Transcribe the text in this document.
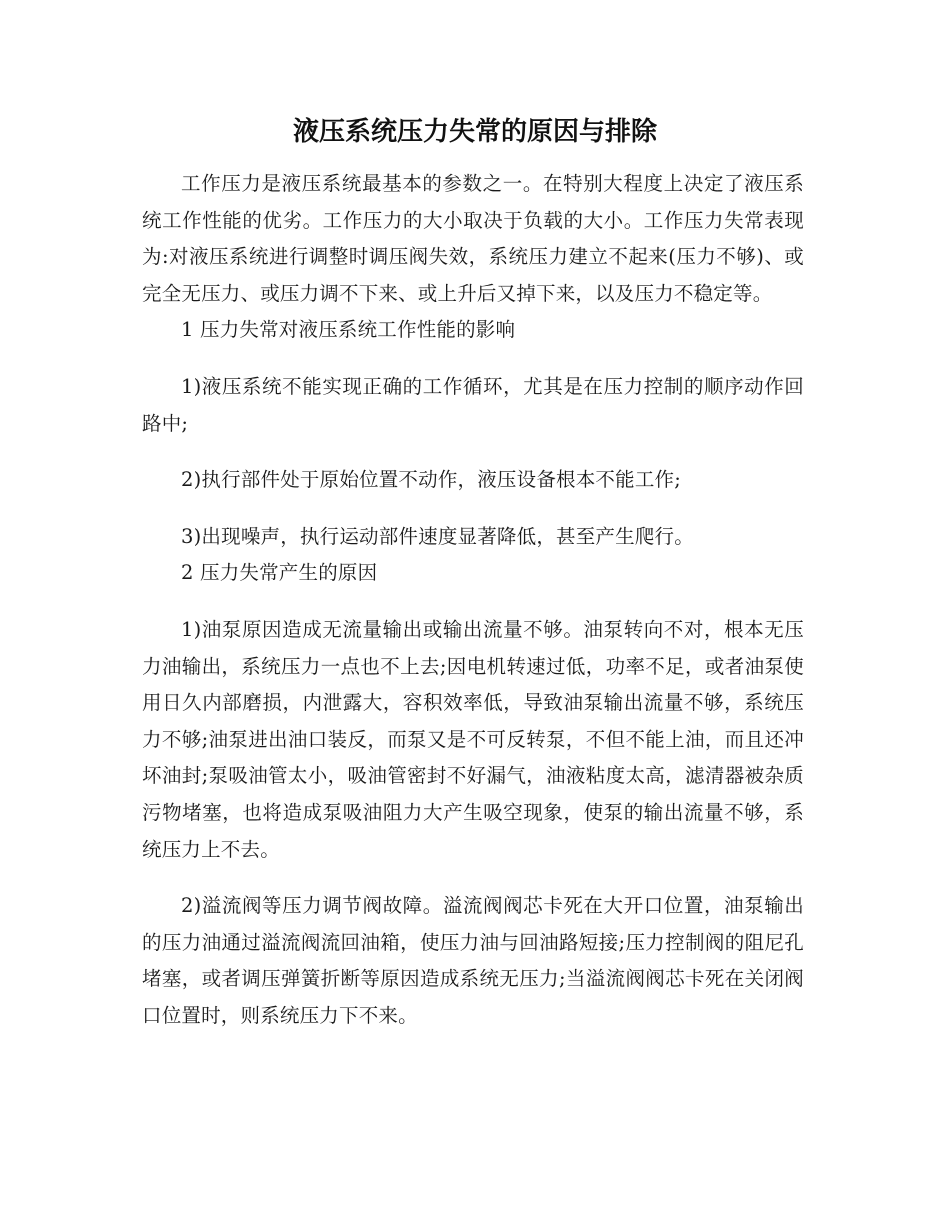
液压系统压力失常的原因与排除

工作压力是液压系统最基本的参数之一。在特别大程度上决定了液压系统工作性能的优劣。工作压力的大小取决于负载的大小。工作压力失常表现为:对液压系统进行调整时调压阀失效，系统压力建立不起来(压力不够)、或完全无压力、或压力调不下来、或上升后又掉下来，以及压力不稳定等。

1 压力失常对液压系统工作性能的影响

1)液压系统不能实现正确的工作循环，尤其是在压力控制的顺序动作回路中;

2)执行部件处于原始位置不动作，液压设备根本不能工作;

3)出现噪声，执行运动部件速度显著降低，甚至产生爬行。

2 压力失常产生的原因

1)油泵原因造成无流量输出或输出流量不够。油泵转向不对，根本无压力油输出，系统压力一点也不上去;因电机转速过低，功率不足，或者油泵使用日久内部磨损，内泄露大，容积效率低，导致油泵输出流量不够，系统压力不够;油泵进出油口装反，而泵又是不可反转泵，不但不能上油，而且还冲坏油封;泵吸油管太小，吸油管密封不好漏气，油液粘度太高，滤清器被杂质污物堵塞，也将造成泵吸油阻力大产生吸空现象，使泵的输出流量不够，系统压力上不去。

2)溢流阀等压力调节阀故障。溢流阀阀芯卡死在大开口位置，油泵输出的压力油通过溢流阀流回油箱，使压力油与回油路短接;压力控制阀的阻尼孔堵塞，或者调压弹簧折断等原因造成系统无压力;当溢流阀阀芯卡死在关闭阀口位置时，则系统压力下不来。
